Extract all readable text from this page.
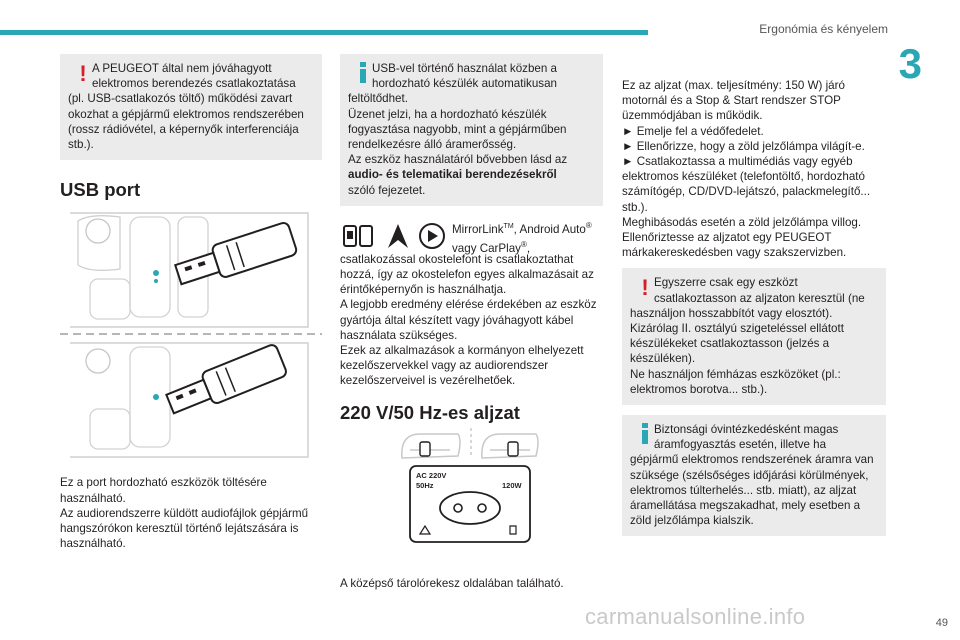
Ergonómia és kényelem
3
! A PEUGEOT által nem jóváhagyott

elektromos berendezés csatlakoztatása

(pl. USB-csatlakozós töltő) működési zavart okozhat a gépjármű elektromos rendszerében (rossz rádióvétel, a képernyők interferenciája stb.).

USB port

Ez a port hordozható eszközök töltésére használható.

Az audiorendszerre küldött audiofájlok gépjármű hangszórókon keresztül történő lejátszására is használható.

USB-vel történő használat közben a

hordozható készülék automatikusan

feltöltődhet.

Üzenet jelzi, ha a hordozható készülék fogyasztása nagyobb, mint a gépjárműben rendelkezésre álló áramerősség.

Az eszköz használatáról bővebben lásd az

audio- és telematikai berendezésekről

szóló fejezetet.

MirrorLink™, Android Auto®
vagy CarPlay®,

csatlakozással okostelefont is csatlakoztathat hozzá, így az okostelefon egyes alkalmazásait az érintőképernyőn is használhatja.

A legjobb eredmény elérése érdekében az eszköz gyártója által készített vagy jóváhagyott kábel használata szükséges.

Ezek az alkalmazások a kormányon elhelyezett kezelőszervekkel vagy az audiorendszer kezelőszerveivel is vezérelhetőek.

220 V/50 Hz-es aljzat
AC 220V
50Hz	120W

A középső tárolórekesz oldalában található.

Ez az aljzat (max. teljesítmény: 150 W) járó motornál és a Stop & Start rendszer STOP üzemmódjában is működik.

► Emelje fel a védőfedelet.

► Ellenőrizze, hogy a zöld jelzőlámpa világít-e.

► Csatlakoztassa a multimédiás vagy egyéb elektromos készüléket (telefontöltő, hordozható számítógép, CD/DVD-lejátszó, palackmelegítő... stb.).

Meghibásodás esetén a zöld jelzőlámpa villog.

Ellenőriztesse az aljzatot egy PEUGEOT márkakereskedésben vagy szakszervizben.

! Egyszerre csak egy eszközt

csatlakoztasson az aljzaton keresztül (ne

használjon hosszabbítót vagy elosztót).

Kizárólag II. osztályú szigeteléssel ellátott készülékeket csatlakoztasson (jelzés a készüléken).

Ne használjon fémházas eszközöket (pl.: elektromos borotva... stb.).

Biztonsági óvintézkedésként magas

áramfogyasztás esetén, illetve ha

gépjármű elektromos rendszerének áramra van szüksége (szélsőséges időjárási körülmények, elektromos túlterhelés... stb. miatt), az aljzat áramellátása megszakadhat, mely esetben a zöld jelzőlámpa kialszik.

carmanualsonline.info	49
